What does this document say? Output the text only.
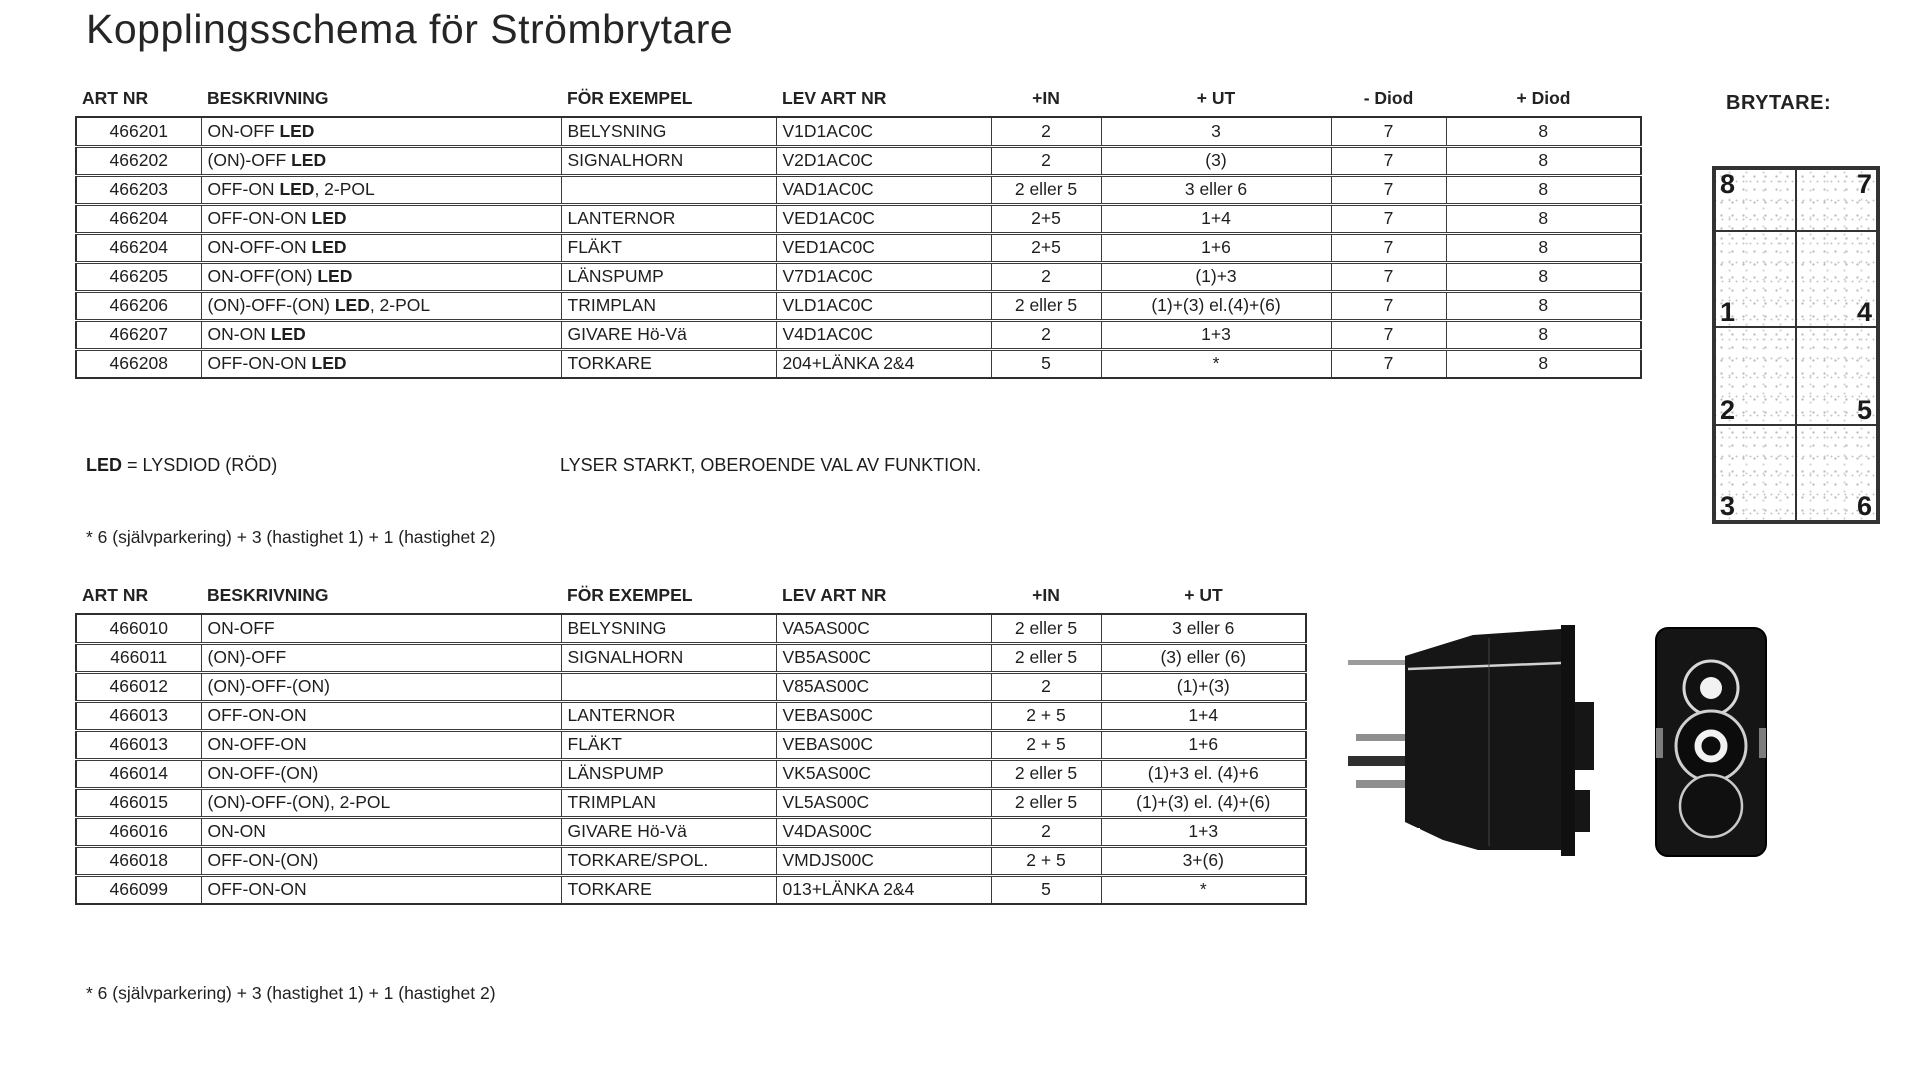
Kopplingsschema för Strömbrytare
ART NR	BESKRIVNING	FÖR EXEMPEL	LEV ART NR	+IN	+ UT	- Diod	+ Diod
466201	ON-OFF LED	BELYSNING	V1D1AC0C	2	3	7	8
466202	(ON)-OFF LED	SIGNALHORN	V2D1AC0C	2	(3)	7	8
466203	OFF-ON LED, 2-POL		VAD1AC0C	2 eller 5	3 eller 6	7	8
466204	OFF-ON-ON LED	LANTERNOR	VED1AC0C	2+5	1+4	7	8
466204	ON-OFF-ON LED	FLÄKT	VED1AC0C	2+5	1+6	7	8
466205	ON-OFF(ON) LED	LÄNSPUMP	V7D1AC0C	2	(1)+3	7	8
466206	(ON)-OFF-(ON) LED, 2-POL	TRIMPLAN	VLD1AC0C	2 eller 5	(1)+(3) el.(4)+(6)	7	8
466207	ON-ON LED	GIVARE Hö-Vä	V4D1AC0C	2	1+3	7	8
466208	OFF-ON-ON LED	TORKARE	204+LÄNKA 2&4	5	*	7	8
LED = LYSDIOD (RÖD)	LYSER STARKT, OBEROENDE VAL AV FUNKTION.
* 6 (självparkering) + 3 (hastighet 1) + 1 (hastighet 2)
ART NR	BESKRIVNING	FÖR EXEMPEL	LEV ART NR	+IN	+ UT
466010	ON-OFF	BELYSNING	VA5AS00C	2 eller 5	3 eller 6
466011	(ON)-OFF	SIGNALHORN	VB5AS00C	2 eller 5	(3) eller (6)
466012	(ON)-OFF-(ON)		V85AS00C	2	(1)+(3)
466013	OFF-ON-ON	LANTERNOR	VEBAS00C	2 + 5	1+4
466013	ON-OFF-ON	FLÄKT	VEBAS00C	2 + 5	1+6
466014	ON-OFF-(ON)	LÄNSPUMP	VK5AS00C	2 eller 5	(1)+3 el. (4)+6
466015	(ON)-OFF-(ON), 2-POL	TRIMPLAN	VL5AS00C	2 eller 5	(1)+(3) el. (4)+(6)
466016	ON-ON	GIVARE Hö-Vä	V4DAS00C	2	1+3
466018	OFF-ON-(ON)	TORKARE/SPOL.	VMDJS00C	2 + 5	3+(6)
466099	OFF-ON-ON	TORKARE	013+LÄNKA 2&4	5	*
* 6 (självparkering) + 3 (hastighet 1) + 1 (hastighet 2)
BRYTARE:
8	7
1	4
2	5
3	6
